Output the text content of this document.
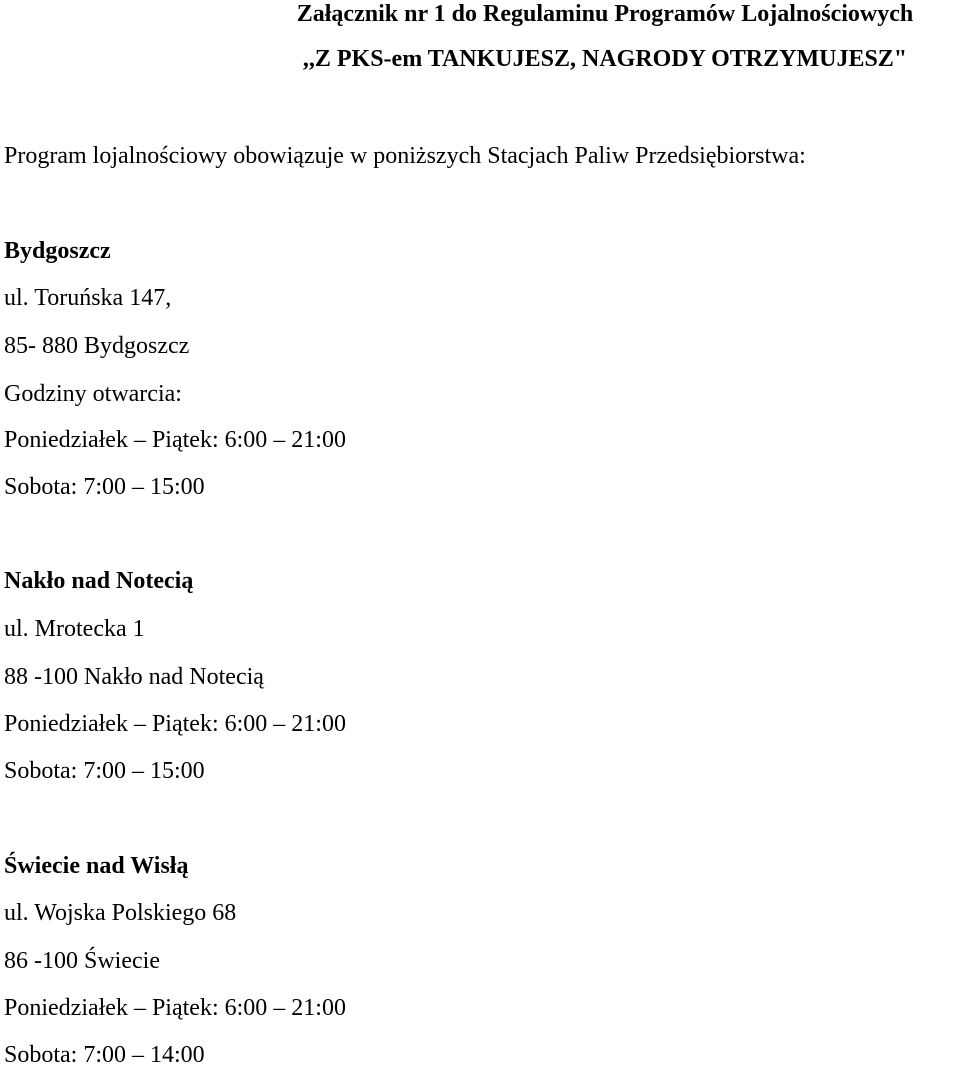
Załącznik nr 1 do Regulaminu Programów Lojalnościowych
,,Z PKS-em TANKUJESZ, NAGRODY OTRZYMUJESZ"
Program lojalnościowy obowiązuje w poniższych Stacjach Paliw Przedsiębiorstwa:
Bydgoszcz
ul. Toruńska 147,
85- 880 Bydgoszcz
Godziny otwarcia:
Poniedziałek – Piątek: 6:00 – 21:00
Sobota: 7:00 – 15:00
Nakło nad Notecią
ul. Mrotecka 1
88 -100 Nakło nad Notecią
Poniedziałek – Piątek: 6:00 – 21:00
Sobota: 7:00 – 15:00
Świecie nad Wisłą
ul. Wojska Polskiego 68
86 -100 Świecie
Poniedziałek – Piątek: 6:00 – 21:00
Sobota: 7:00 – 14:00
